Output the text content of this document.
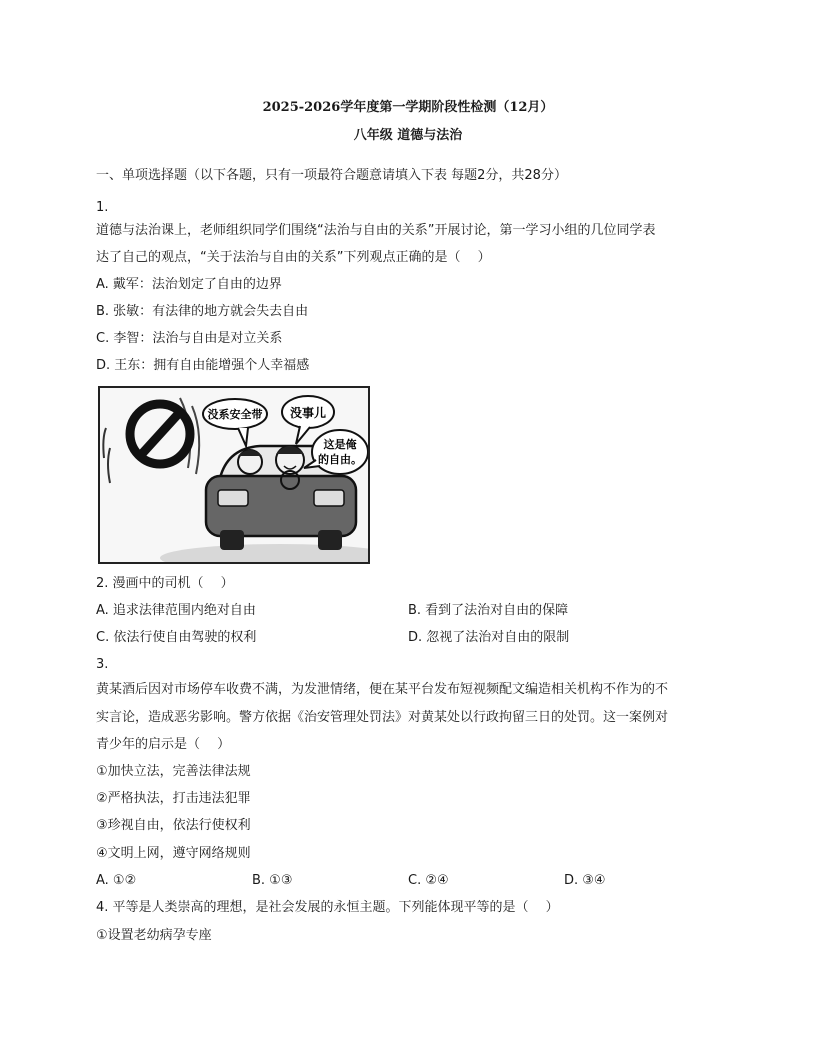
2025-2026学年度第一学期阶段性检测（12月）
八年级 道德与法治
一、单项选择题（以下各题，只有一项最符合题意请填入下表 每题2分，共28分）
1.
道德与法治课上，老师组织同学们围绕“法治与自由的关系”开展讨论，第一学习小组的几位同学表
达了自己的观点，“关于法治与自由的关系”下列观点正确的是（　 ）
A. 戴军：法治划定了自由的边界
B. 张敏：有法律的地方就会失去自由
C. 李智：法治与自由是对立关系
D. 王东：拥有自由能增强个人幸福感
没系安全带 没事儿
这是俺
的自由。
2. 漫画中的司机（　 ）
A. 追求法律范围内绝对自由	B. 看到了法治对自由的保障
C. 依法行使自由驾驶的权利	D. 忽视了法治对自由的限制
3.
黄某酒后因对市场停车收费不满，为发泄情绪，便在某平台发布短视频配文编造相关机构不作为的不
实言论，造成恶劣影响。警方依据《治安管理处罚法》对黄某处以行政拘留三日的处罚。这一案例对
青少年的启示是（　 ）
①加快立法，完善法律法规
②严格执法，打击违法犯罪
③珍视自由，依法行使权利
④文明上网，遵守网络规则
A. ①②	B. ①③	C. ②④	D. ③④
4. 平等是人类崇高的理想，是社会发展的永恒主题。下列能体现平等的是（　 ）
①设置老幼病孕专座
